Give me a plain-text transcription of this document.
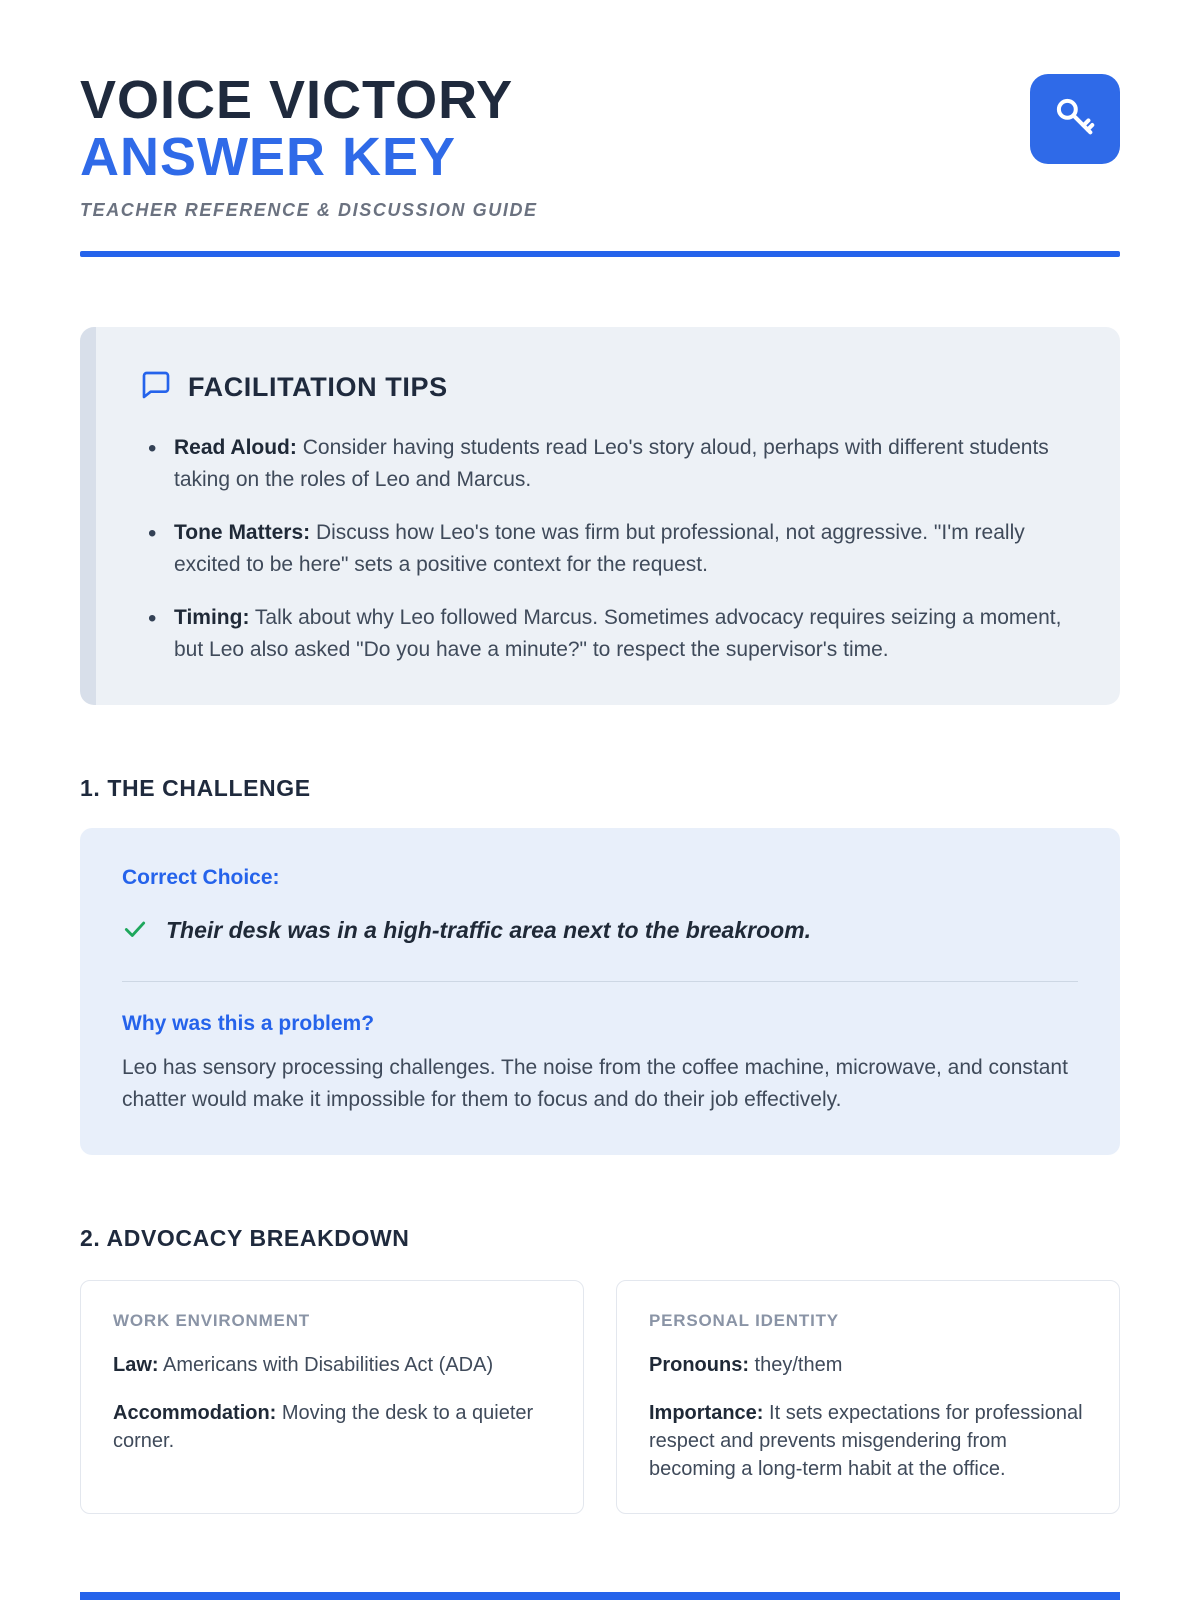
VOICE VICTORY
ANSWER KEY
TEACHER REFERENCE & DISCUSSION GUIDE
FACILITATION TIPS
• Read Aloud: Consider having students read Leo's story aloud, perhaps with different students taking on the roles of Leo and Marcus.
• Tone Matters: Discuss how Leo's tone was firm but professional, not aggressive. "I'm really excited to be here" sets a positive context for the request.
• Timing: Talk about why Leo followed Marcus. Sometimes advocacy requires seizing a moment, but Leo also asked "Do you have a minute?" to respect the supervisor's time.
1. THE CHALLENGE
Correct Choice:
Their desk was in a high-traffic area next to the breakroom.
Why was this a problem?
Leo has sensory processing challenges. The noise from the coffee machine, microwave, and constant chatter would make it impossible for them to focus and do their job effectively.
2. ADVOCACY BREAKDOWN
WORK ENVIRONMENT

Law: Americans with Disabilities Act (ADA)

Accommodation: Moving the desk to a quieter corner.

PERSONAL IDENTITY

Pronouns: they/them

Importance: It sets expectations for professional respect and prevents misgendering from becoming a long-term habit at the office.
